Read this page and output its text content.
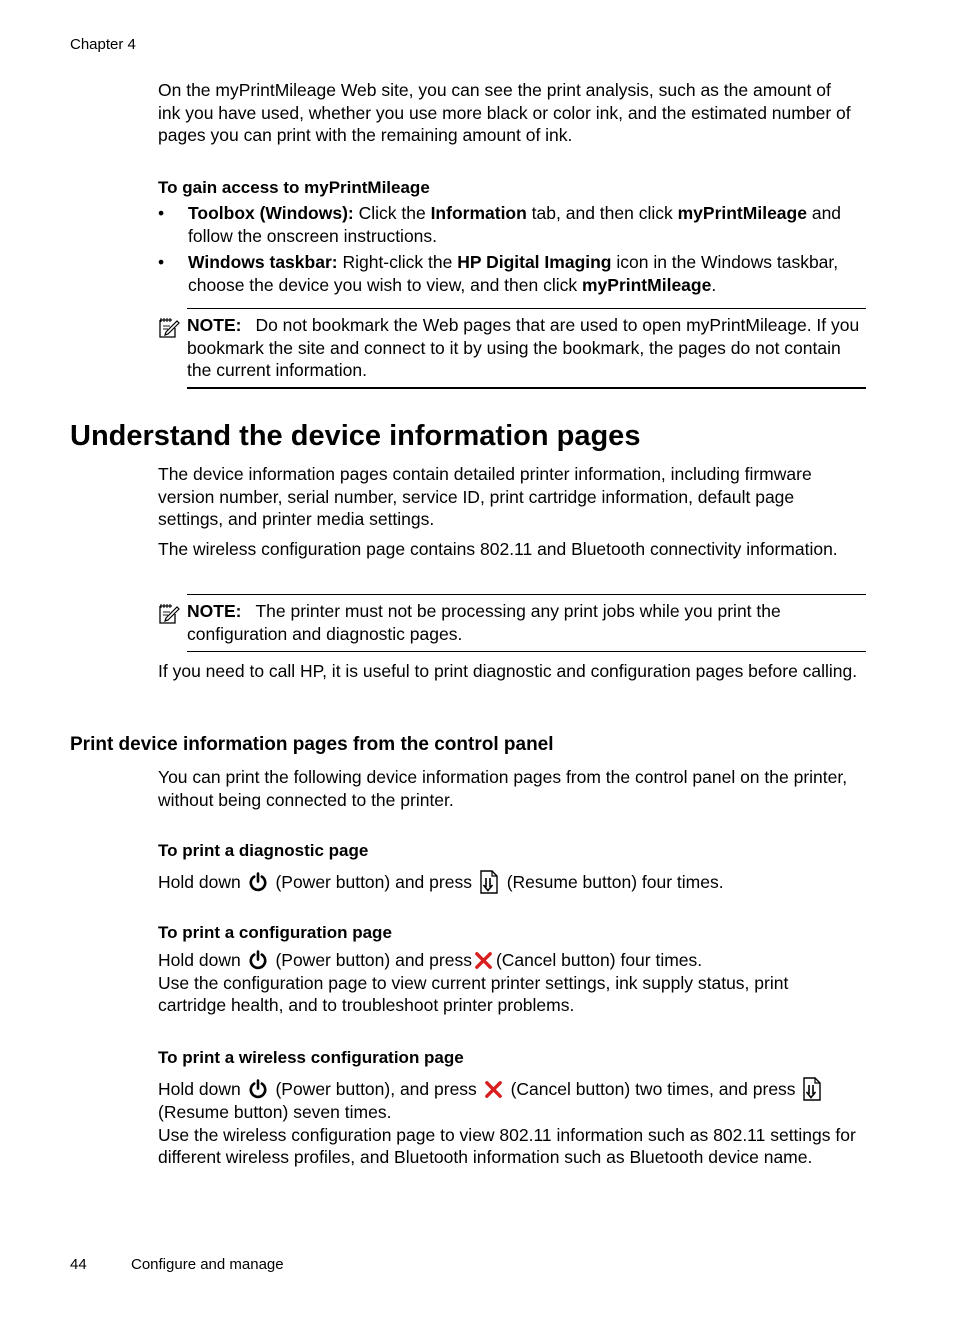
Chapter 4

On the myPrintMileage Web site, you can see the print analysis, such as the amount of ink you have used, whether you use more black or color ink, and the estimated number of pages you can print with the remaining amount of ink.

To gain access to myPrintMileage
• Toolbox (Windows): Click the Information tab, and then click myPrintMileage and follow the onscreen instructions.
• Windows taskbar: Right-click the HP Digital Imaging icon in the Windows taskbar, choose the device you wish to view, and then click myPrintMileage.
NOTE: Do not bookmark the Web pages that are used to open myPrintMileage. If you bookmark the site and connect to it by using the bookmark, the pages do not contain the current information.
Understand the device information pages

The device information pages contain detailed printer information, including firmware version number, serial number, service ID, print cartridge information, default page settings, and printer media settings.

The wireless configuration page contains 802.11 and Bluetooth connectivity information.

NOTE: The printer must not be processing any print jobs while you print the configuration and diagnostic pages.

If you need to call HP, it is useful to print diagnostic and configuration pages before calling.

Print device information pages from the control panel

You can print the following device information pages from the control panel on the printer, without being connected to the printer.

To print a diagnostic page
Hold down (Power button) and press (Resume button) four times.
To print a configuration page
Hold down (Power button) and press (Cancel button) four times.

Use the configuration page to view current printer settings, ink supply status, print cartridge health, and to troubleshoot printer problems.

To print a wireless configuration page
Hold down (Power button), and press (Cancel button) two times, and press  (Resume button) seven times.

Use the wireless configuration page to view 802.11 information such as 802.11 settings for different wireless profiles, and Bluetooth information such as Bluetooth device name.

44	Configure and manage
